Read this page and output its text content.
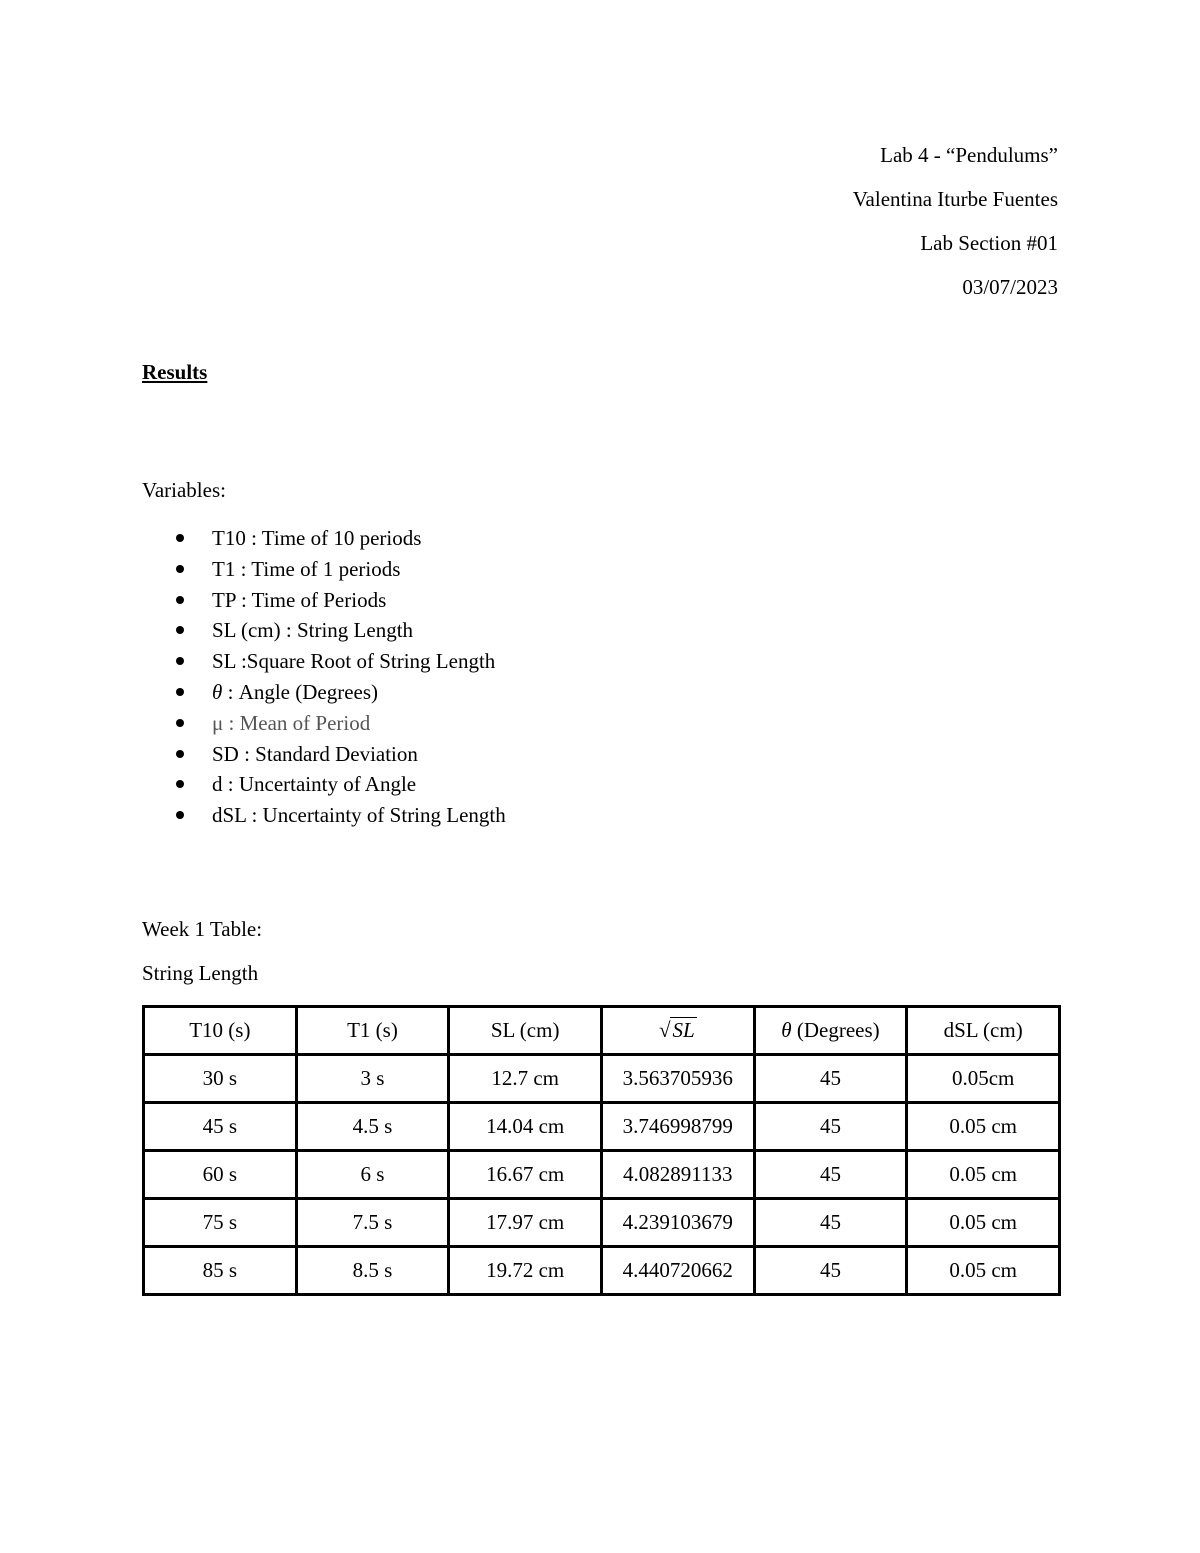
Lab 4 - “Pendulums”
Valentina Iturbe Fuentes
Lab Section #01
03/07/2023
Results
Variables:
T10 : Time of 10 periods
T1 : Time of 1 periods
TP : Time of Periods
SL (cm) : String Length
SL :Square Root of String Length
θ : Angle (Degrees)
μ : Mean of Period
SD : Standard Deviation
d : Uncertainty of Angle
dSL : Uncertainty of String Length
Week 1 Table:
String Length
T10 (s)	T1 (s)	SL (cm)	√SL	θ (Degrees)	dSL (cm)
30 s	3 s	12.7 cm	3.563705936	45	0.05cm
45 s	4.5 s	14.04 cm	3.746998799	45	0.05 cm
60 s	6 s	16.67 cm	4.082891133	45	0.05 cm
75 s	7.5 s	17.97 cm	4.239103679	45	0.05 cm
85 s	8.5 s	19.72 cm	4.440720662	45	0.05 cm
